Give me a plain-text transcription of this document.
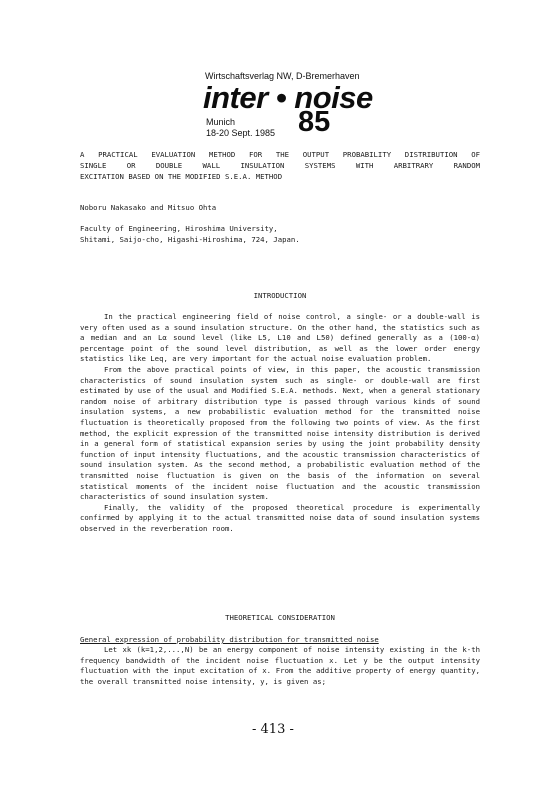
Wirtschaftsverlag NW, D-Bremerhaven
inter • noise
Munich
18-20 Sept. 1985 85
A PRACTICAL EVALUATION METHOD FOR THE OUTPUT PROBABILITY DISTRIBUTION OF
SINGLE OR DOUBLE WALL INSULATION SYSTEMS WITH ARBITRARY RANDOM
EXCITATION BASED ON THE MODIFIED S.E.A. METHOD
Noboru Nakasako and Mitsuo Ohta
Faculty of Engineering, Hiroshima University,
Shitami, Saijo-cho, Higashi-Hiroshima, 724, Japan.
INTRODUCTION

In the practical engineering field of noise control, a single- or a double-wall is very often used as a sound insulation structure. On the other hand, the statistics such as a median and an Lα sound level (like L5, L10 and L50) defined generally as a (100-α) percentage point of the sound level distribution, as well as the lower order energy statistics like Leq, are very important for the actual noise evaluation problem.

From the above practical points of view, in this paper, the acoustic transmission characteristics of sound insulation system such as single- or double-wall are first estimated by use of the usual and Modified S.E.A. methods. Next, when a general stationary random noise of arbitrary distribution type is passed through various kinds of sound insulation systems, a new probabilistic evaluation method for the transmitted noise fluctuation is theoretically proposed from the following two points of view. As the first method, the explicit expression of the transmitted noise intensity distribution is derived in a general form of statistical expansion series by using the joint probability density function of input intensity fluctuations, and the acoustic transmission characteristics of sound insulation system. As the second method, a probabilistic evaluation method of the transmitted noise fluctuation is given on the basis of the information on several statistical moments of the incident noise fluctuation and the acoustic transmission characteristics of sound insulation system.

Finally, the validity of the proposed theoretical procedure is experimentally confirmed by applying it to the actual transmitted noise data of sound insulation systems observed in the reverberation room.

THEORETICAL CONSIDERATION
General expression of probability distribution for transmitted noise

Let xk (k=1,2,...,N) be an energy component of noise intensity existing in the k-th frequency bandwidth of the incident noise fluctuation x. Let y be the output intensity fluctuation with the input excitation of x. From the additive property of energy quantity, the overall transmitted noise intensity, y, is given as;

- 413 -
